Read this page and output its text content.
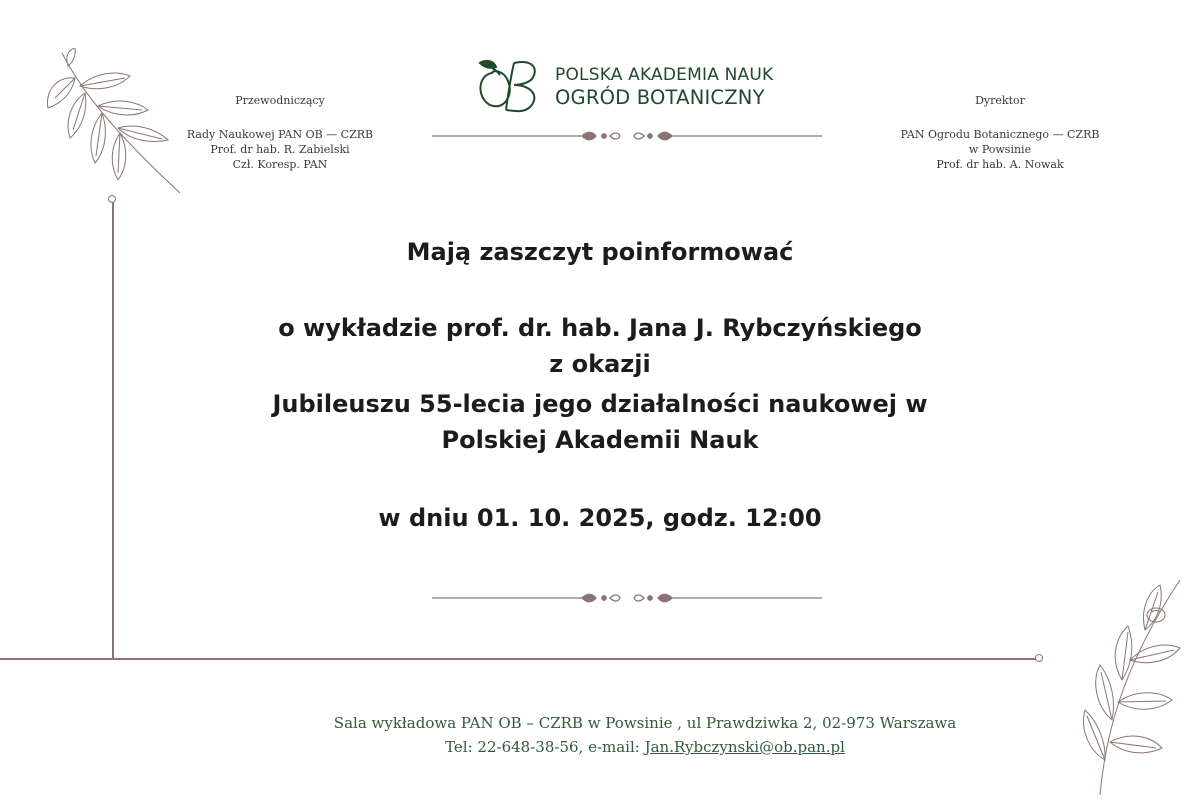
POLSKA AKADEMIA NAUK
OGRÓD BOTANICZNY
Przewodniczący
Rady Naukowej PAN OB — CZRB
Prof. dr hab. R. Zabielski
Czł. Koresp. PAN
Dyrektor
PAN Ogrodu Botanicznego — CZRB
w Powsinie
Prof. dr hab. A. Nowak
Mają zaszczyt poinformować
o wykładzie prof. dr. hab. Jana J. Rybczyńskiego
z okazji
Jubileuszu 55-lecia jego działalności naukowej w
Polskiej Akademii Nauk
w dniu 01. 10. 2025, godz. 12:00
Sala wykładowa PAN OB – CZRB w Powsinie , ul Prawdziwka 2, 02-973 Warszawa
Tel: 22-648-38-56, e-mail: Jan.Rybczynski@ob.pan.pl
